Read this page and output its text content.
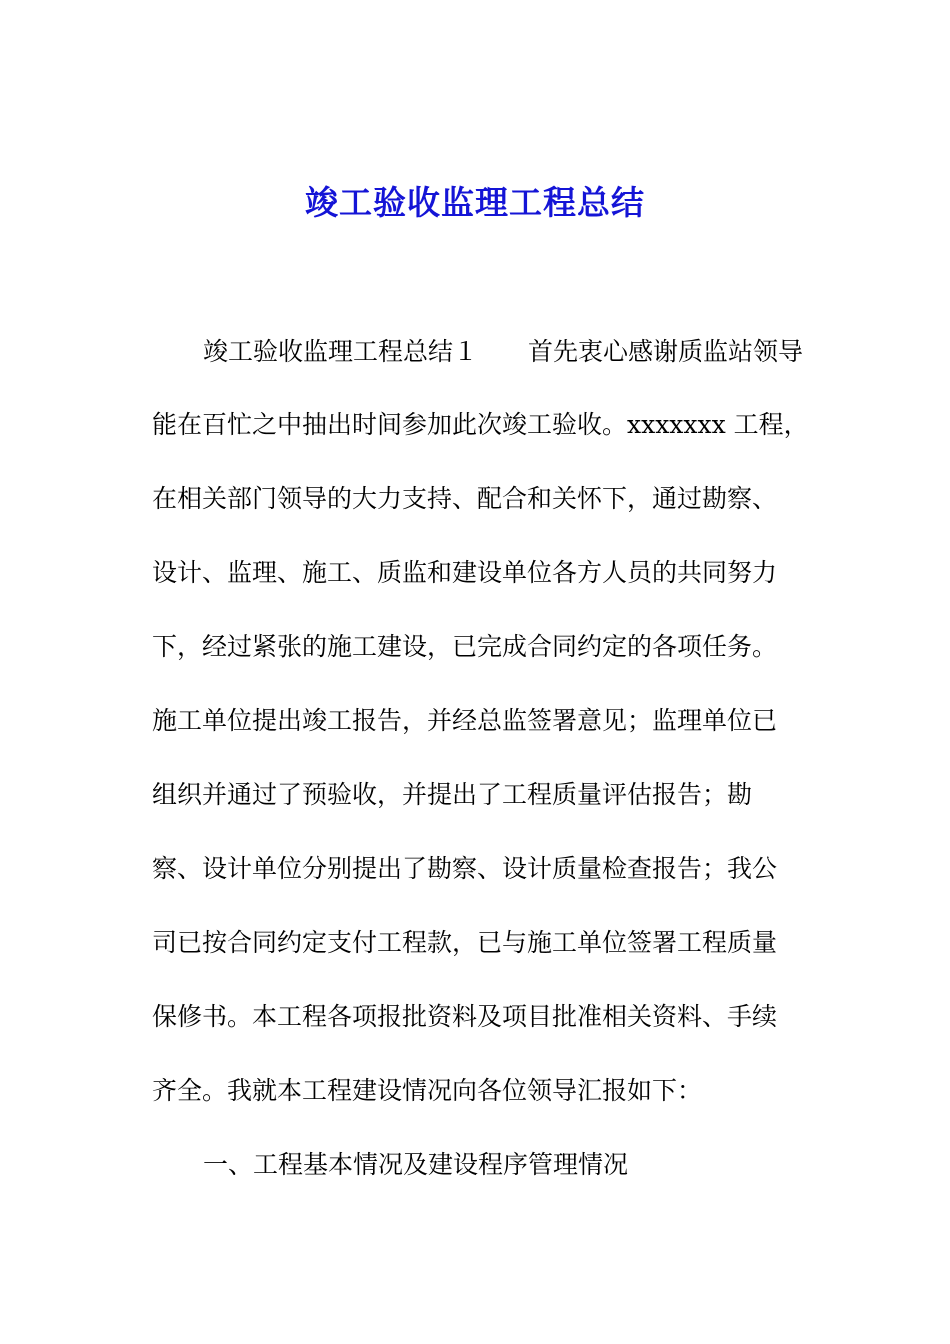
竣工验收监理工程总结

竣工验收监理工程总结１　　首先衷心感谢质监站领导

能在百忙之中抽出时间参加此次竣工验收。xxxxxxx 工程，

在相关部门领导的大力支持、配合和关怀下，通过勘察、

设计、监理、施工、质监和建设单位各方人员的共同努力

下，经过紧张的施工建设，已完成合同约定的各项任务。

施工单位提出竣工报告，并经总监签署意见；监理单位已

组织并通过了预验收，并提出了工程质量评估报告；勘

察、设计单位分别提出了勘察、设计质量检查报告；我公

司已按合同约定支付工程款，已与施工单位签署工程质量

保修书。本工程各项报批资料及项目批准相关资料、手续

齐全。我就本工程建设情况向各位领导汇报如下：

一、工程基本情况及建设程序管理情况
